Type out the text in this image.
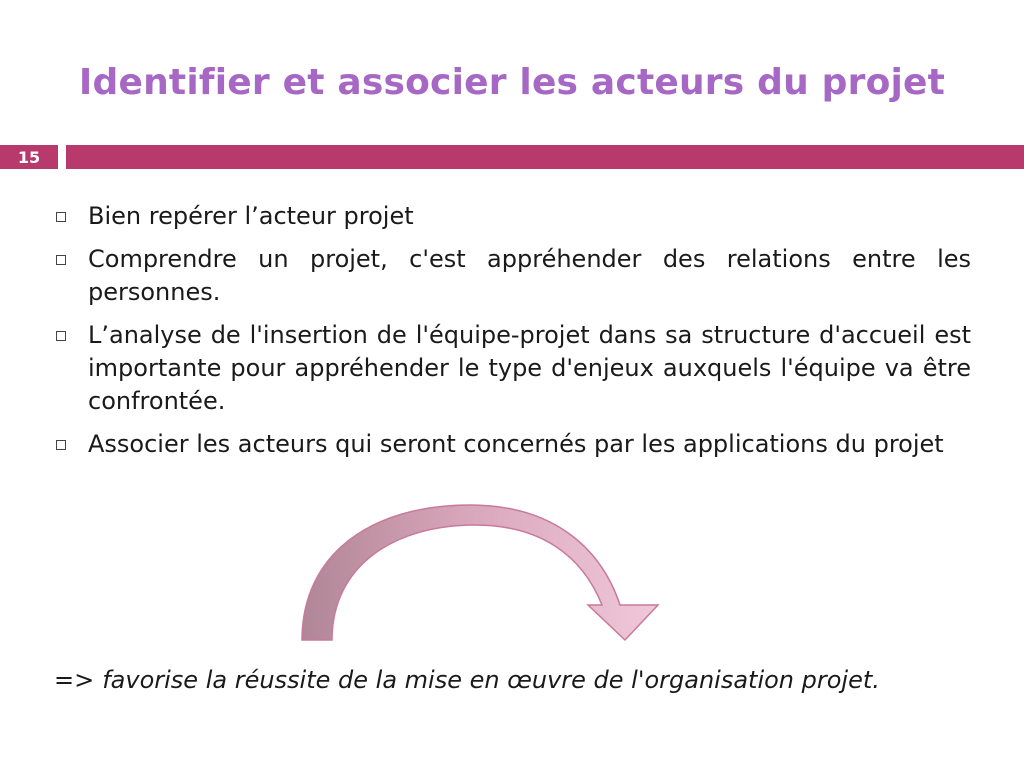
Identifier et associer les acteurs du projet
15
Bien repérer l’acteur projet
Comprendre un projet, c'est appréhender des relations entre les personnes.
L’analyse de l'insertion de l'équipe-projet dans sa structure d'accueil est importante pour appréhender le type d'enjeux auxquels l'équipe va être confrontée.
Associer les acteurs qui seront concernés par les applications du projet
=> favorise la réussite de la mise en œuvre de l'organisation projet.
